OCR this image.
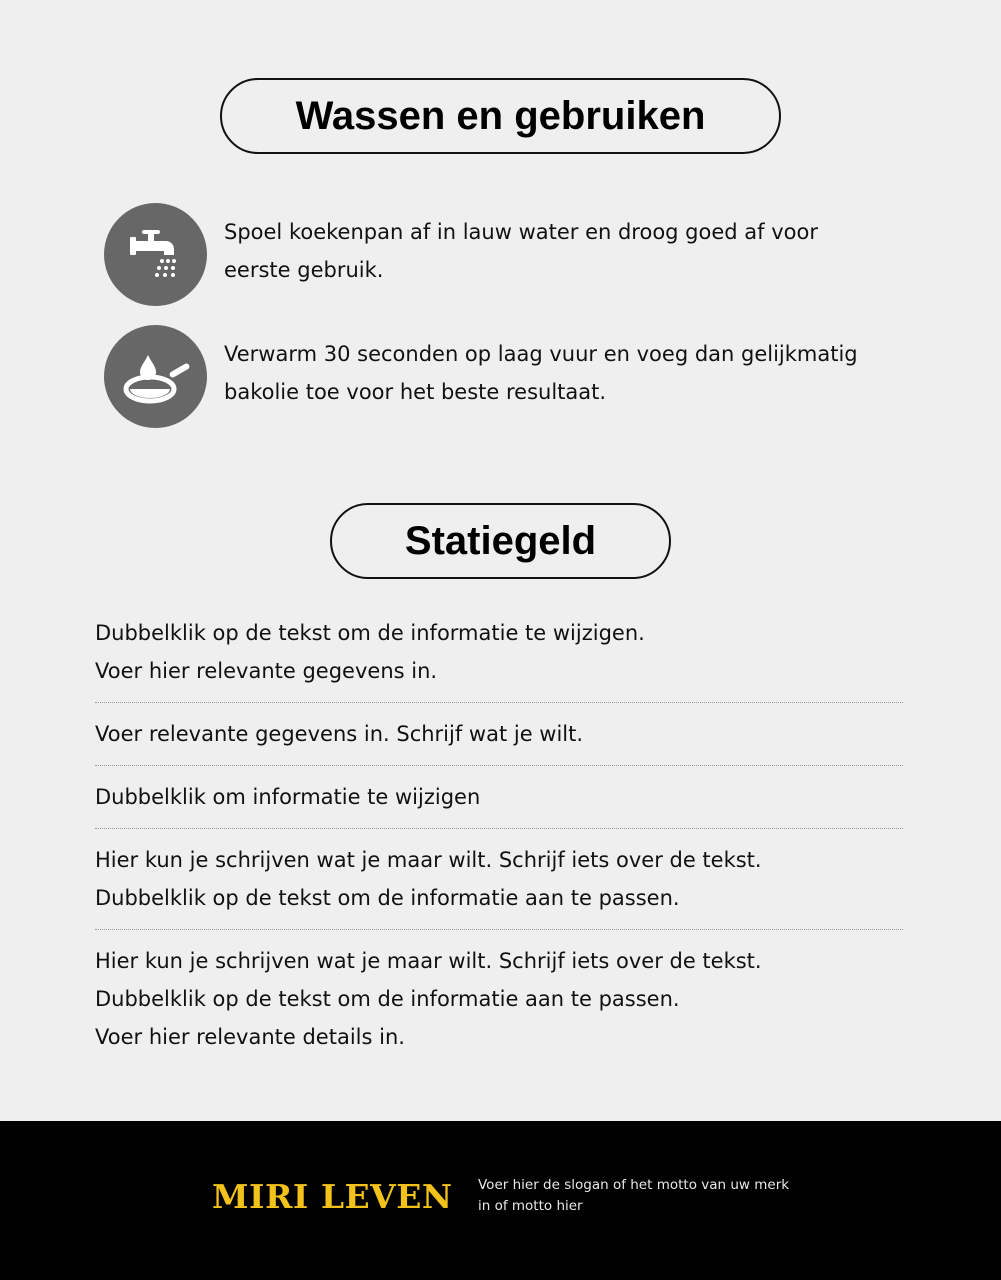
Wassen en gebruiken
Spoel koekenpan af in lauw water en droog goed af voor eerste gebruik.
Verwarm 30 seconden op laag vuur en voeg dan gelijkmatig bakolie toe voor het beste resultaat.
Statiegeld
Dubbelklik op de tekst om de informatie te wijzigen.
Voer hier relevante gegevens in.
Voer relevante gegevens in. Schrijf wat je wilt.
Dubbelklik om informatie te wijzigen
Hier kun je schrijven wat je maar wilt. Schrijf iets over de tekst.
Dubbelklik op de tekst om de informatie aan te passen.
Hier kun je schrijven wat je maar wilt. Schrijf iets over de tekst.
Dubbelklik op de tekst om de informatie aan te passen.
Voer hier relevante details in.
MIRI LEVEN Voer hier de slogan of het motto van uw merk in of motto hier
